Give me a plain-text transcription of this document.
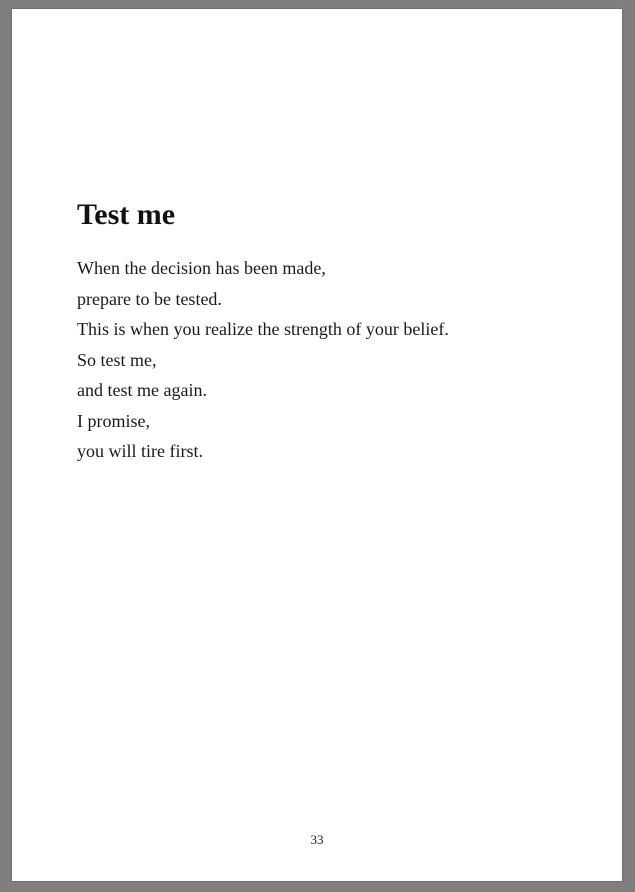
Test me
When the decision has been made,
prepare to be tested.
This is when you realize the strength of your belief.
So test me,
and test me again.
I promise,
you will tire first.
33
